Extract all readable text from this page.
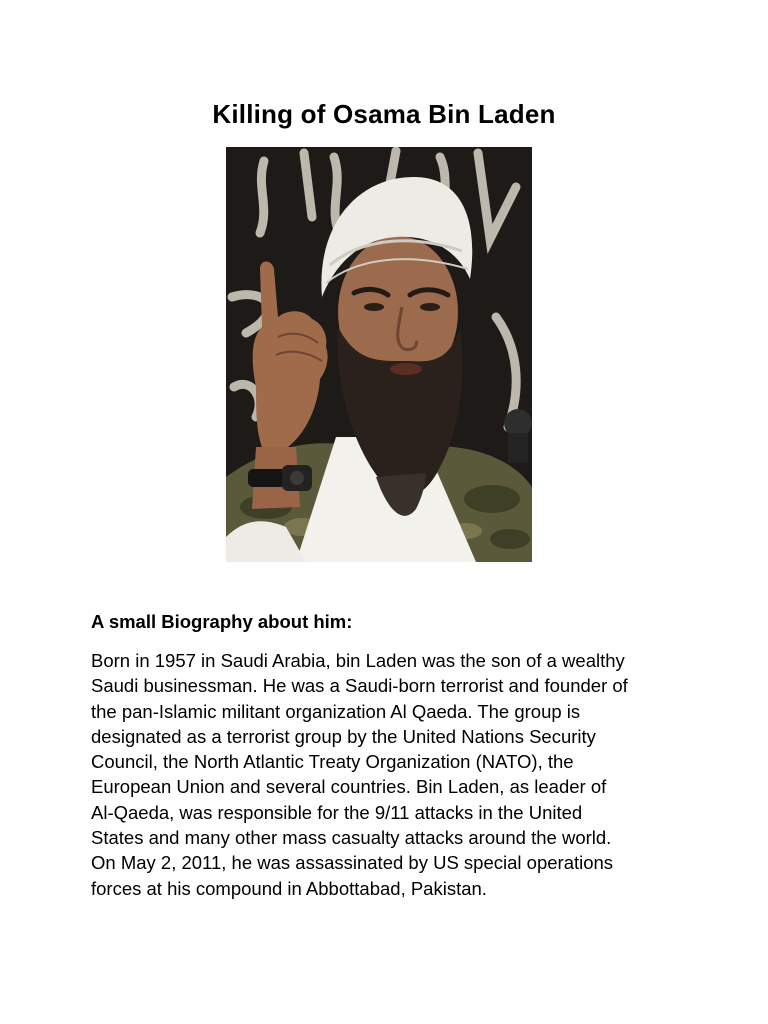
Killing of Osama Bin Laden
A small Biography about him:

Born in 1957 in Saudi Arabia, bin Laden was the son of a wealthy
Saudi businessman. He was a Saudi-born terrorist and founder of
the pan-Islamic militant organization Al Qaeda. The group is
designated as a terrorist group by the United Nations Security
Council, the North Atlantic Treaty Organization (NATO), the
European Union and several countries. Bin Laden, as leader of
Al-Qaeda, was responsible for the 9/11 attacks in the United
States and many other mass casualty attacks around the world.
On May 2, 2011, he was assassinated by US special operations
forces at his compound in Abbottabad, Pakistan.
